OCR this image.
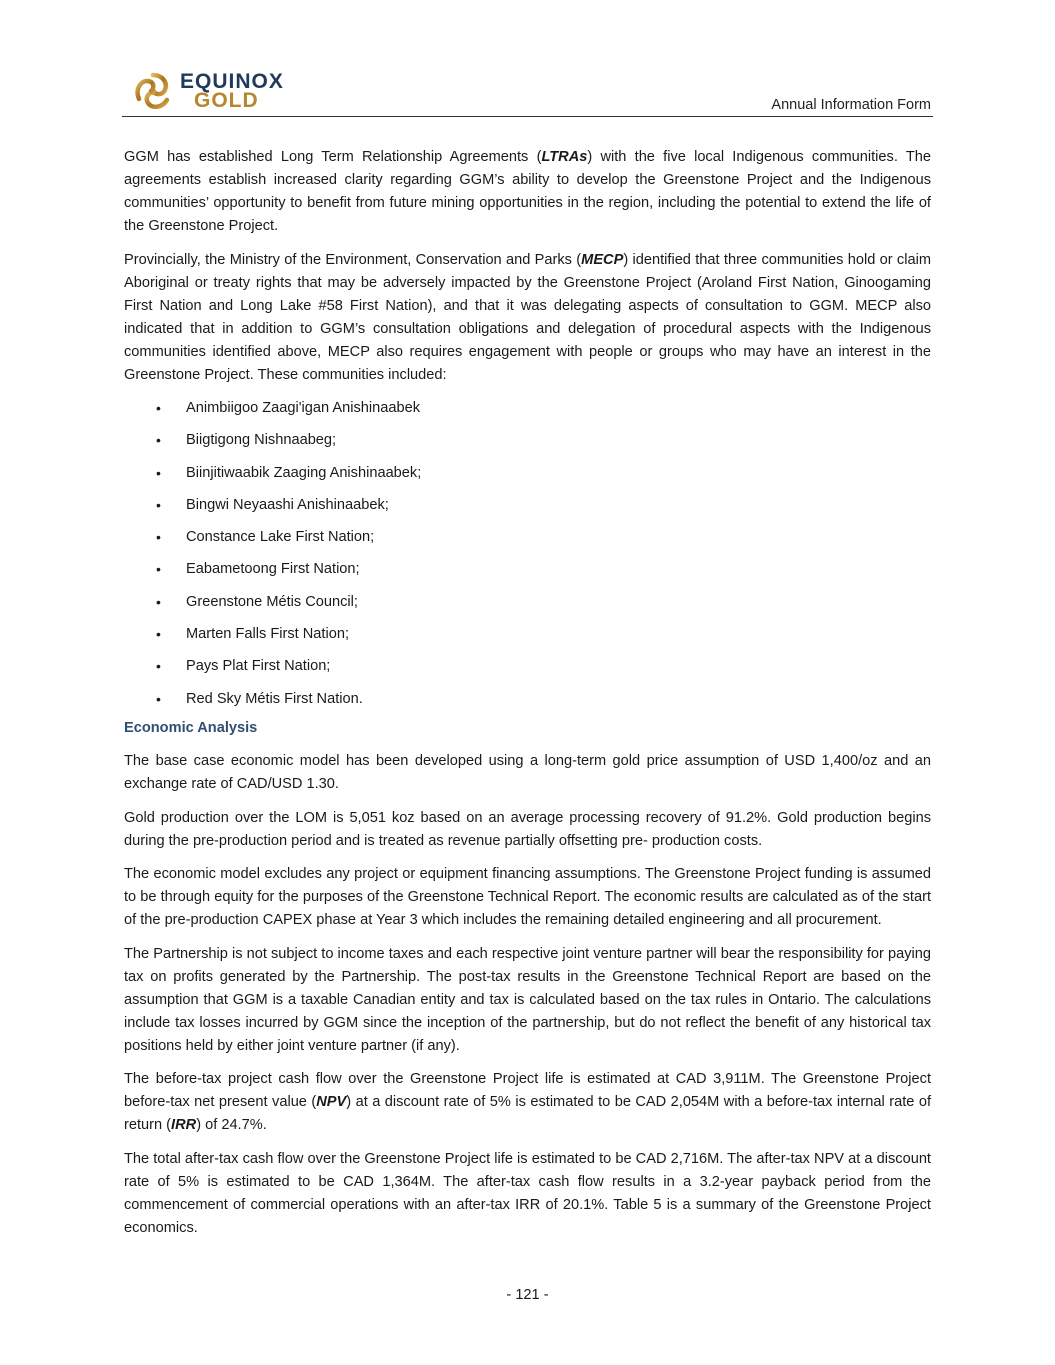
EQUINOX
GOLD	Annual Information Form

GGM has established Long Term Relationship Agreements (LTRAs) with the five local Indigenous communities. The agreements establish increased clarity regarding GGM’s ability to develop the Greenstone Project and the Indigenous communities’ opportunity to benefit from future mining opportunities in the region, including the potential to extend the life of the Greenstone Project.

Provincially, the Ministry of the Environment, Conservation and Parks (MECP) identified that three communities hold or claim Aboriginal or treaty rights that may be adversely impacted by the Greenstone Project (Aroland First Nation, Ginoogaming First Nation and Long Lake #58 First Nation), and that it was delegating aspects of consultation to GGM. MECP also indicated that in addition to GGM’s consultation obligations and delegation of procedural aspects with the Indigenous communities identified above, MECP also requires engagement with people or groups who may have an interest in the Greenstone Project. These communities included:

• Animbiigoo Zaagi'igan Anishinaabek
• Biigtigong Nishnaabeg;
• Biinjitiwaabik Zaaging Anishinaabek;
• Bingwi Neyaashi Anishinaabek;
• Constance Lake First Nation;
• Eabametoong First Nation;
• Greenstone Métis Council;
• Marten Falls First Nation;
• Pays Plat First Nation;
• Red Sky Métis First Nation.
Economic Analysis

The base case economic model has been developed using a long-term gold price assumption of USD 1,400/oz and an exchange rate of CAD/USD 1.30.

Gold production over the LOM is 5,051 koz based on an average processing recovery of 91.2%. Gold production begins during the pre-production period and is treated as revenue partially offsetting pre- production costs.

The economic model excludes any project or equipment financing assumptions. The Greenstone Project funding is assumed to be through equity for the purposes of the Greenstone Technical Report. The economic results are calculated as of the start of the pre-production CAPEX phase at Year 3 which includes the remaining detailed engineering and all procurement.

The Partnership is not subject to income taxes and each respective joint venture partner will bear the responsibility for paying tax on profits generated by the Partnership. The post-tax results in the Greenstone Technical Report are based on the assumption that GGM is a taxable Canadian entity and tax is calculated based on the tax rules in Ontario. The calculations include tax losses incurred by GGM since the inception of the partnership, but do not reflect the benefit of any historical tax positions held by either joint venture partner (if any).

The before-tax project cash flow over the Greenstone Project life is estimated at CAD 3,911M. The Greenstone Project before-tax net present value (NPV) at a discount rate of 5% is estimated to be CAD 2,054M with a before-tax internal rate of return (IRR) of 24.7%.

The total after-tax cash flow over the Greenstone Project life is estimated to be CAD 2,716M. The after-tax NPV at a discount rate of 5% is estimated to be CAD 1,364M. The after-tax cash flow results in a 3.2-year payback period from the commencement of commercial operations with an after-tax IRR of 20.1%. Table 5 is a summary of the Greenstone Project economics.

- 121 -
